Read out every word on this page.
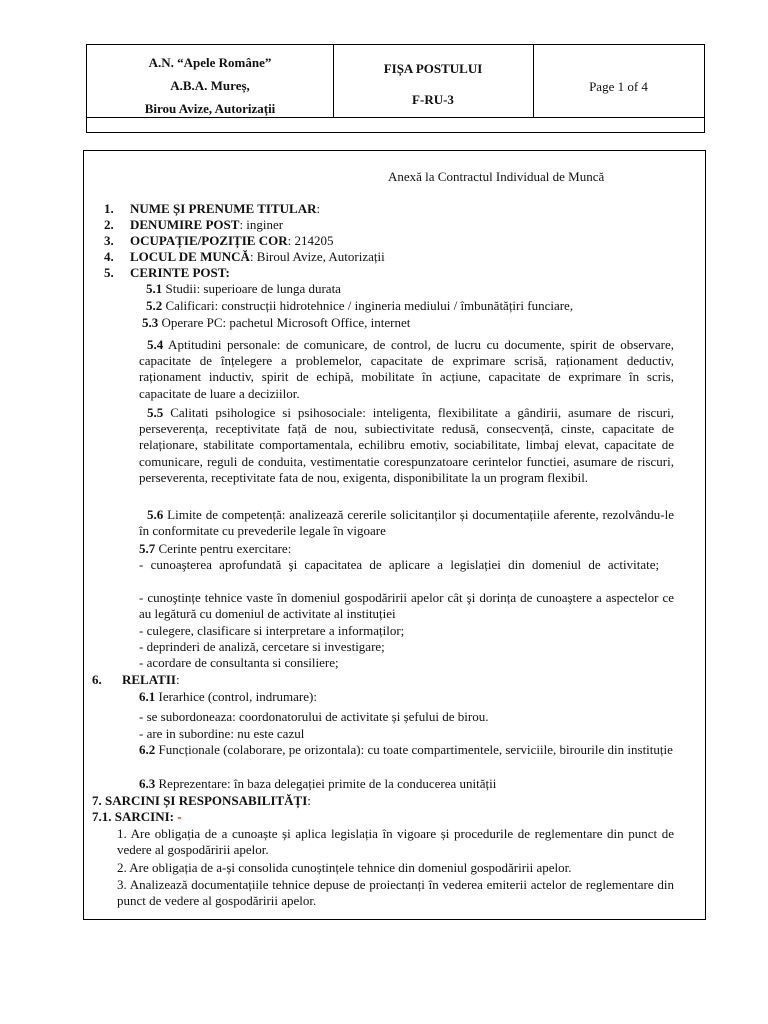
A.N. “Apele Române”
A.B.A. Mureș,
Birou Avize, Autorizații
FIȘA POSTULUI
F-RU-3
Page 1 of 4
Anexă la Contractul Individual de Muncă
1. NUME ȘI PRENUME TITULAR:
2. DENUMIRE POST: inginer
3. OCUPAȚIE/POZIȚIE COR: 214205
4. LOCUL DE MUNCĂ: Biroul Avize, Autorizații
5. CERINTE POST:
5.1 Studii: superioare de lunga durata
5.2 Calificari: construcții hidrotehnice / ingineria mediului / îmbunătățiri funciare,
5.3 Operare PC: pachetul Microsoft Office, internet
5.4 Aptitudini personale: de comunicare, de control, de lucru cu documente, spirit de observare, capacitate de înțelegere a problemelor, capacitate de exprimare scrisă, raționament deductiv, raționament inductiv, spirit de echipă, mobilitate în acțiune, capacitate de exprimare în scris, capacitate de luare a deciziilor.
5.5 Calitati psihologice si psihosociale: inteligenta, flexibilitate a gândirii, asumare de riscuri, perseverența, receptivitate față de nou, subiectivitate redusă, consecvență, cinste, capacitate de relaționare, stabilitate comportamentala, echilibru emotiv, sociabilitate, limbaj elevat, capacitate de comunicare, reguli de conduita, vestimentatie corespunzatoare cerintelor functiei, asumare de riscuri, perseverenta, receptivitate fata de nou, exigenta, disponibilitate la un program flexibil.
5.6 Limite de competență: analizează cererile solicitanților și documentațiile aferente, rezolvându-le în conformitate cu prevederile legale în vigoare
5.7 Cerinte pentru exercitare:
- cunoaşterea aprofundată şi capacitatea de aplicare a legislației din domeniul de activitate;
- cunoştințe tehnice vaste în domeniul gospodăririi apelor cât şi dorința de cunoaştere a aspectelor ce au legătură cu domeniul de activitate al instituției
- culegere, clasificare si interpretare a informaților;
- deprinderi de analiză, cercetare si investigare;
- acordare de consultanta si consiliere;
6. RELATII:
6.1 Ierarhice (control, indrumare):
- se subordoneaza: coordonatorului de activitate și șefului de birou.
- are in subordine: nu este cazul
6.2 Funcționale (colaborare, pe orizontala): cu toate compartimentele, serviciile, birourile din instituție
6.3 Reprezentare: în baza delegației primite de la conducerea unității
7. SARCINI ȘI RESPONSABILITĂȚI:
7.1. SARCINI: -
1. Are obligația de a cunoaște și aplica legislația în vigoare și procedurile de reglementare din punct de vedere al gospodăririi apelor.
2. Are obligația de a-și consolida cunoștințele tehnice din domeniul gospodăririi apelor.
3. Analizează documentațiile tehnice depuse de proiectanți în vederea emiterii actelor de reglementare din punct de vedere al gospodăririi apelor.
